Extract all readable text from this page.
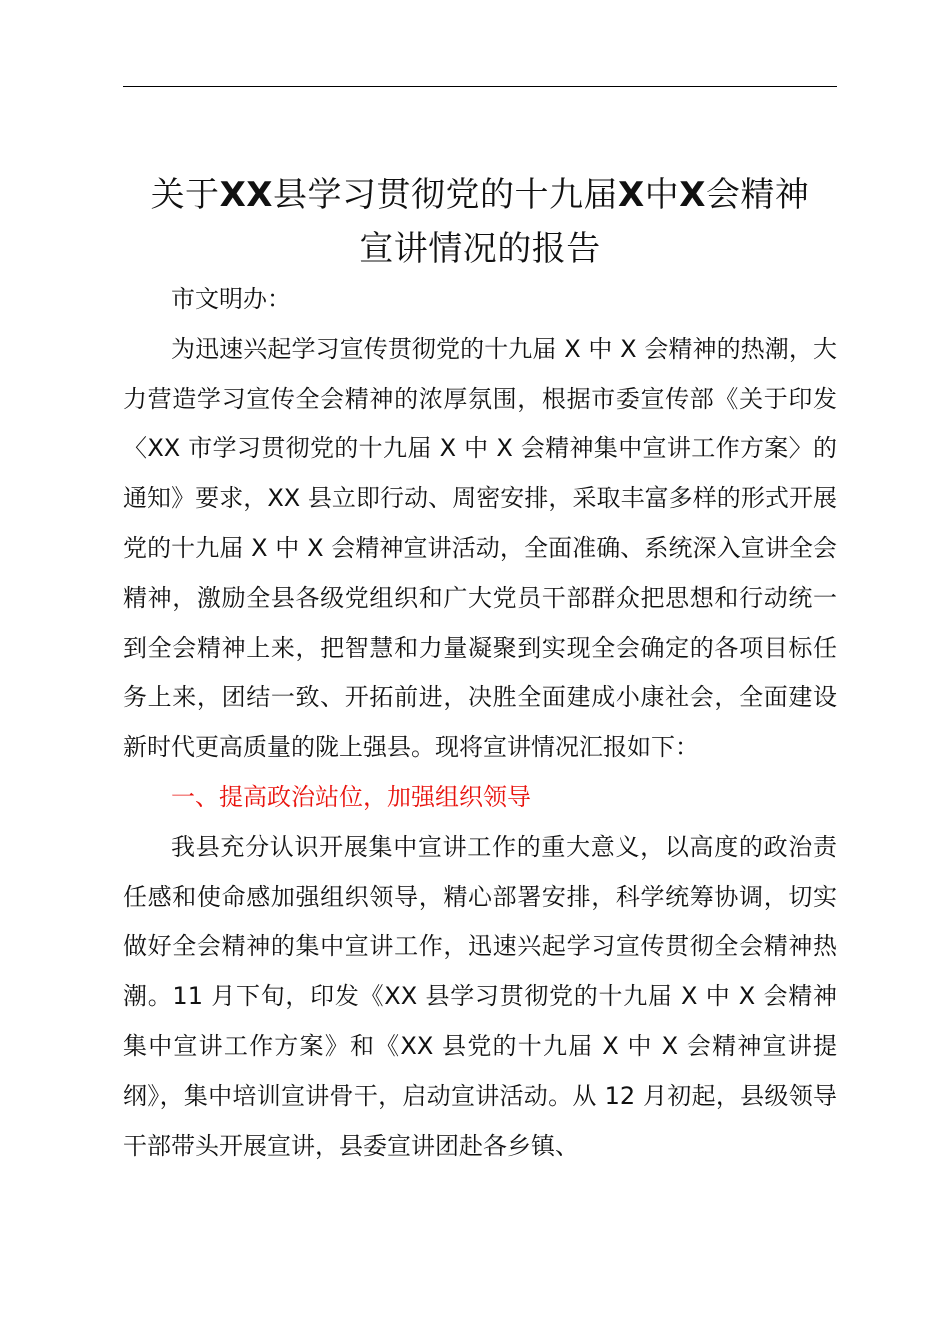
关于XX县学习贯彻党的十九届X中X会精神
宣讲情况的报告

市文明办：

为迅速兴起学习宣传贯彻党的十九届 X 中 X 会精神的热潮，大力营造学习宣传全会精神的浓厚氛围，根据市委宣传部《关于印发〈XX 市学习贯彻党的十九届 X 中 X 会精神集中宣讲工作方案〉的通知》要求，XX 县立即行动、周密安排，采取丰富多样的形式开展党的十九届 X 中 X 会精神宣讲活动，全面准确、系统深入宣讲全会精神，激励全县各级党组织和广大党员干部群众把思想和行动统一到全会精神上来，把智慧和力量凝聚到实现全会确定的各项目标任务上来，团结一致、开拓前进，决胜全面建成小康社会，全面建设新时代更高质量的陇上强县。现将宣讲情况汇报如下：

一、提高政治站位，加强组织领导

我县充分认识开展集中宣讲工作的重大意义，以高度的政治责任感和使命感加强组织领导，精心部署安排，科学统筹协调，切实做好全会精神的集中宣讲工作，迅速兴起学习宣传贯彻全会精神热潮。11 月下旬，印发《XX 县学习贯彻党的十九届 X 中 X 会精神集中宣讲工作方案》和《XX 县党的十九届 X 中 X 会精神宣讲提纲》，集中培训宣讲骨干，启动宣讲活动。从 12 月初起，县级领导干部带头开展宣讲，县委宣讲团赴各乡镇、
